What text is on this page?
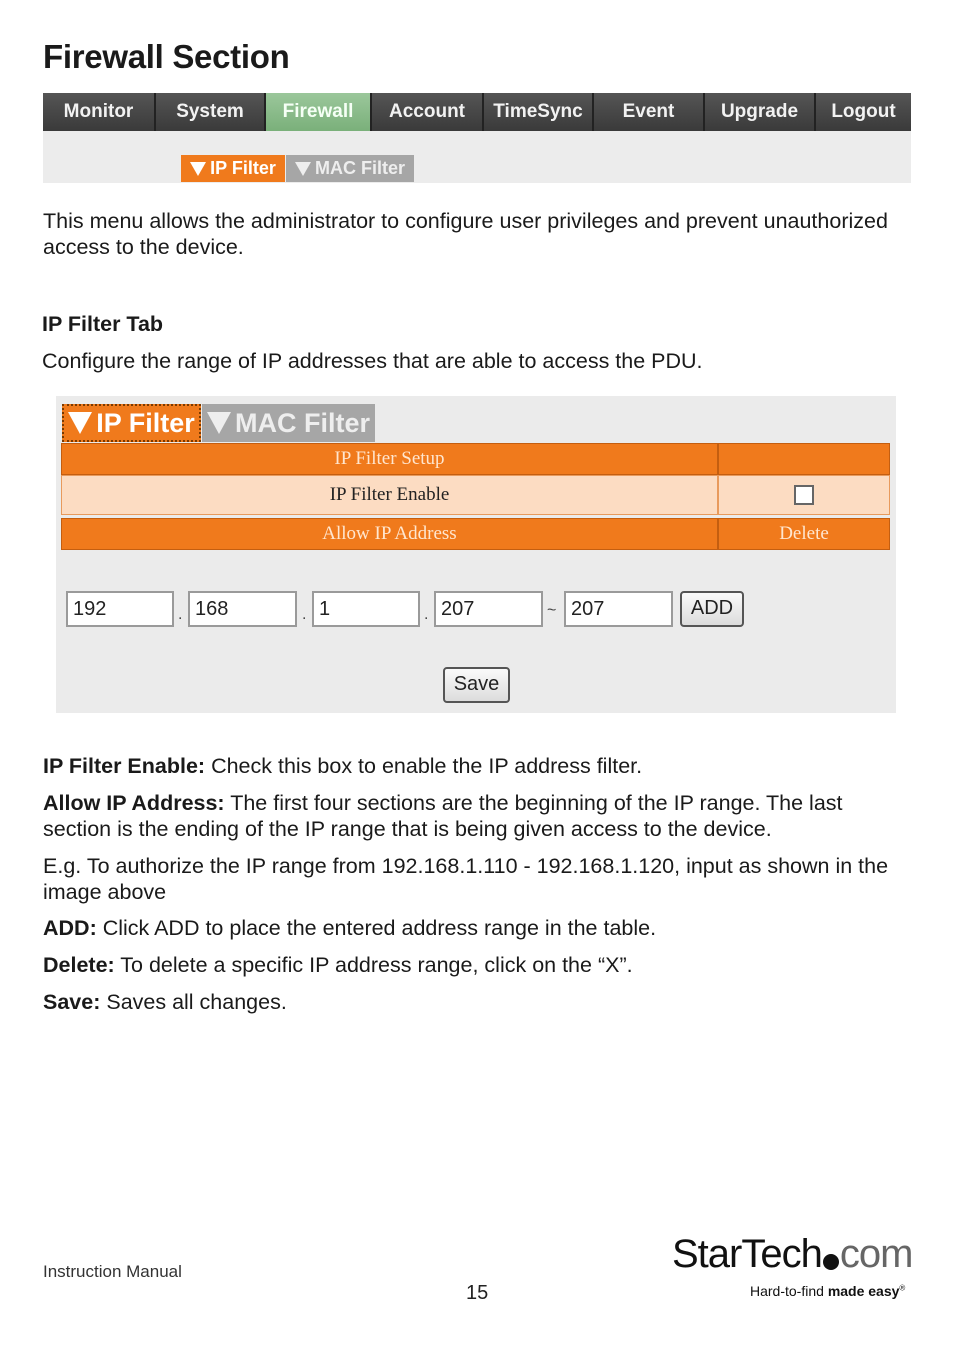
Firewall Section
Monitor	System	Firewall	Account	TimeSync	Event	Upgrade	Logout
IP Filter MAC Filter
This menu allows the administrator to configure user privileges and prevent unauthorized access to the device.
IP Filter Tab
Configure the range of IP addresses that are able to access the PDU.
IP Filter MAC Filter
IP Filter Setup
IP Filter Enable
Allow IP Address	Delete
192	. 168	. 1	. 207	~ 207	ADD
Save
IP Filter Enable: Check this box to enable the IP address filter.
Allow IP Address: The first four sections are the beginning of the IP range. The last section is the ending of the IP range that is being given access to the device.
E.g. To authorize the IP range from 192.168.1.110 - 192.168.1.120, input as shown in the image above
ADD: Click ADD to place the entered address range in the table.
Delete: To delete a specific IP address range, click on the “X”.
Save: Saves all changes.
Instruction Manual
15
StarTech com
Hard-to-find made easy®
